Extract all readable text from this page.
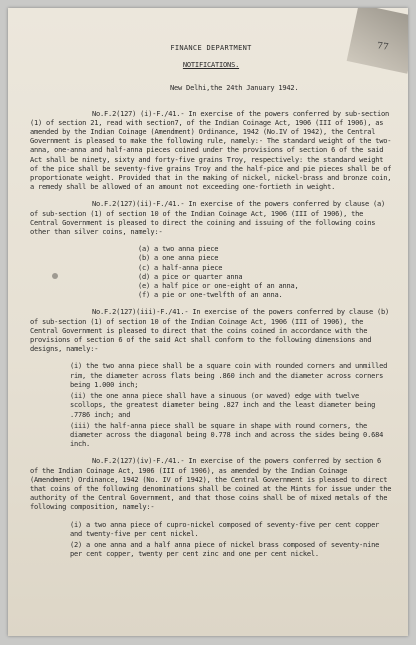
77
FINANCE DEPARTMENT
NOTIFICATIONS.
New Delhi,the 24th January 1942.
No.F.2(127) (i)-F./41.- In exercise of the powers conferred by sub-section (1) of section 21, read with section7, of the Indian Coinage Act, 1906 (III of 1906), as amended by the Indian Coinage (Amendment) Ordinance, 1942 (No.IV of 1942), the Central Government is pleased to make the following rule, namely:- The standard weight of the two-anna, one-anna and half-anna pieces coined under the provisions of section 6 of the said Act shall be ninety, sixty and forty-five grains Troy, respectively: the standard weight of the pice shall be seventy-five grains Troy and the half-pice and pie pieces shall be of proportionate weight. Provided that in the making of nickel, nickel-brass and bronze coin, a remedy shall be allowed of an amount not exceeding one-fortieth in weight.
No.F.2(127)(ii)-F./41.- In exercise of the powers conferred by clause (a) of sub-section (1) of section 10 of the Indian Coinage Act, 1906 (III of 1906), the Central Government is pleased to direct the coining and issuing of the following coins other than silver coins, namely:-
(a) a two anna piece
(b) a one anna piece
(c) a half-anna piece
(d) a pice or quarter anna
(e) a half pice or one-eight of an anna,
(f) a pie or one-twelfth of an anna.
No.F.2(127)(iii)-F./41.- In exercise of the powers conferred by clause (b) of sub-section (1) of section 10 of the Indian Coinage Act, 1906 (III of 1906), the Central Government is pleased to direct that the coins coined in accordance with the provisions of section 6 of the said Act shall conform to the following dimensions and designs, namely:-
(i) the two anna piece shall be a square coin with rounded corners and unmilled rim, the diameter across flats being .860 inch and the diameter across corners being 1.000 inch;
(ii) the one anna piece shall have a sinuous (or waved) edge with twelve scollops, the greatest diameter being .827 inch and the least diameter being .7786 inch; and
(iii) the half-anna piece shall be square in shape with round corners, the diameter across the diagonal being 0.778 inch and across the sides being 0.684 inch.
No.F.2(127)(iv)-F./41.- In exercise of the powers conferred by section 6 of the Indian Coinage Act, 1906 (III of 1906), as amended by the Indian Coinage (Amendment) Ordinance, 1942 (No. IV of 1942), the Central Government is pleased to direct that coins of the following denominations shall be coined at the Mints for issue under the authority of the Central Government, and that those coins shall be of mixed metals of the following composition, namely:-
(i) a two anna piece of cupro-nickel composed of seventy-five per cent copper and twenty-five per cent nickel.
(2) a one anna and a half anna piece of nickel brass composed of seventy-nine per cent copper, twenty per cent zinc and one per cent nickel.
